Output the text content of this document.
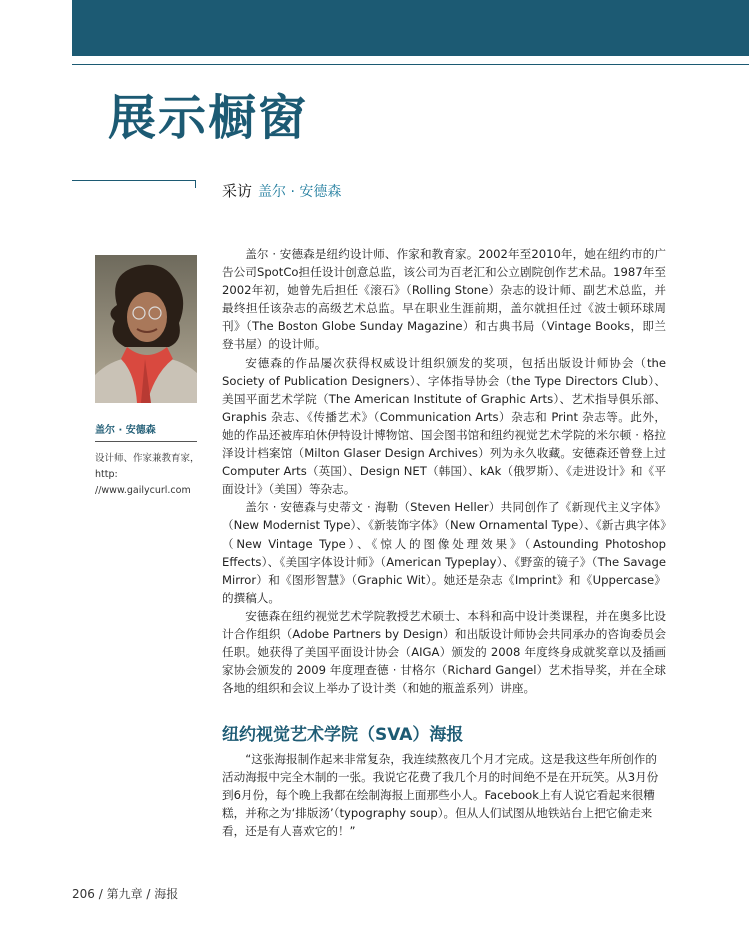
展示橱窗
采访 盖尔 · 安德森
盖尔 · 安德森
设计师、作家兼教育家，http: //www.gailycurl.com

盖尔 · 安德森是纽约设计师、作家和教育家。2002年至2010年，她在纽约市的广告公司SpotCo担任设计创意总监，该公司为百老汇和公立剧院创作艺术品。1987年至2002年初，她曾先后担任《滚石》（Rolling Stone）杂志的设计师、副艺术总监，并最终担任该杂志的高级艺术总监。早在职业生涯前期，盖尔就担任过《波士顿环球周刊》（The Boston Globe Sunday Magazine）和古典书局（Vintage Books，即兰登书屋）的设计师。

安德森的作品屡次获得权威设计组织颁发的奖项，包括出版设计师协会（the Society of Publication Designers）、字体指导协会（the Type Directors Club）、美国平面艺术学院（The American Institute of Graphic Arts）、艺术指导俱乐部、Graphis 杂志、《传播艺术》（Communication Arts）杂志和 Print 杂志等。此外，她的作品还被库珀休伊特设计博物馆、国会图书馆和纽约视觉艺术学院的米尔顿 · 格拉泽设计档案馆（Milton Glaser Design Archives）列为永久收藏。安德森还曾登上过 Computer Arts（英国）、Design NET（韩国）、kAk（俄罗斯）、《走进设计》和《平面设计》（美国）等杂志。

盖尔 · 安德森与史蒂文 · 海勒（Steven Heller）共同创作了《新现代主义字体》（New Modernist Type）、《新装饰字体》（New Ornamental Type）、《新古典字体》（New Vintage Type）、《惊人的图像处理效果》（Astounding Photoshop Effects）、《美国字体设计师》（American Typeplay）、《野蛮的镜子》（The Savage Mirror）和《图形智慧》（Graphic Wit）。她还是杂志《Imprint》和《Uppercase》的撰稿人。

安德森在纽约视觉艺术学院教授艺术硕士、本科和高中设计类课程，并在奥多比设计合作组织（Adobe Partners by Design）和出版设计师协会共同承办的咨询委员会任职。她获得了美国平面设计协会（AIGA）颁发的 2008 年度终身成就奖章以及插画家协会颁发的 2009 年度理查德 · 甘格尔（Richard Gangel）艺术指导奖，并在全球各地的组织和会议上举办了设计类（和她的瓶盖系列）讲座。

纽约视觉艺术学院（SVA）海报

“这张海报制作起来非常复杂，我连续熬夜几个月才完成。这是我这些年所创作的活动海报中完全木制的一张。我说它花费了我几个月的时间绝不是在开玩笑。从3月份到6月份，每个晚上我都在绘制海报上面那些小人。Facebook上有人说它看起来很糟糕，并称之为‘排版汤’（typography soup）。但从人们试图从地铁站台上把它偷走来看，还是有人喜欢它的！”

206 / 第九章 / 海报
